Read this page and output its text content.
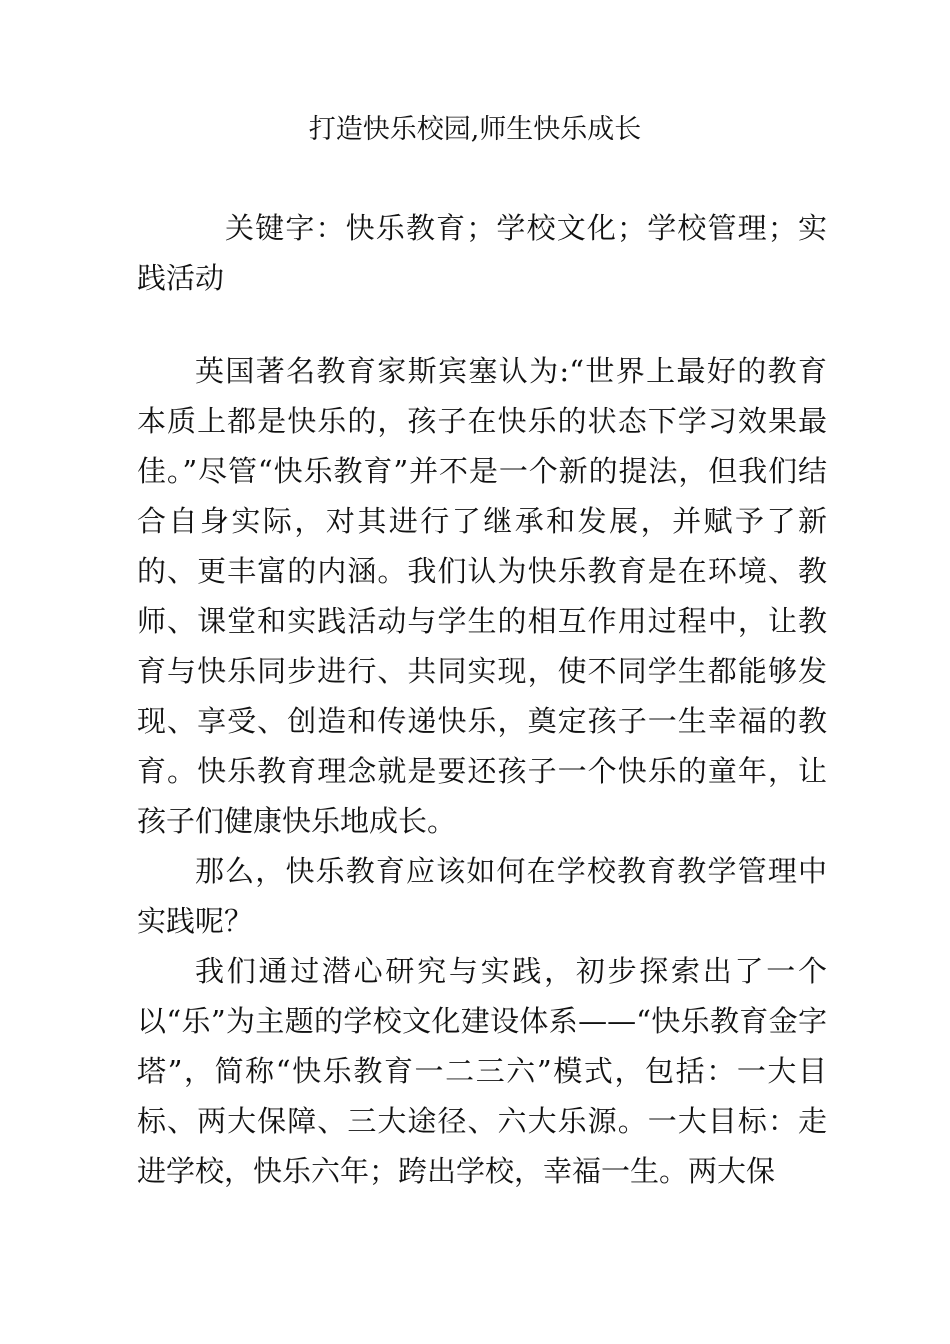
打造快乐校园,师生快乐成长
关键字：快乐教育；学校文化；学校管理；实践活动

英国著名教育家斯宾塞认为:“世界上最好的教育本质上都是快乐的，孩子在快乐的状态下学习效果最佳。”尽管“快乐教育”并不是一个新的提法，但我们结合自身实际，对其进行了继承和发展，并赋予了新的、更丰富的内涵。我们认为快乐教育是在环境、教师、课堂和实践活动与学生的相互作用过程中，让教育与快乐同步进行、共同实现，使不同学生都能够发现、享受、创造和传递快乐，奠定孩子一生幸福的教育。快乐教育理念就是要还孩子一个快乐的童年，让孩子们健康快乐地成长。

那么，快乐教育应该如何在学校教育教学管理中实践呢？

我们通过潜心研究与实践，初步探索出了一个以“乐”为主题的学校文化建设体系——“快乐教育金字塔”，简称“快乐教育一二三六”模式，包括：一大目标、两大保障、三大途径、六大乐源。一大目标：走进学校，快乐六年；跨出学校，幸福一生。两大保
